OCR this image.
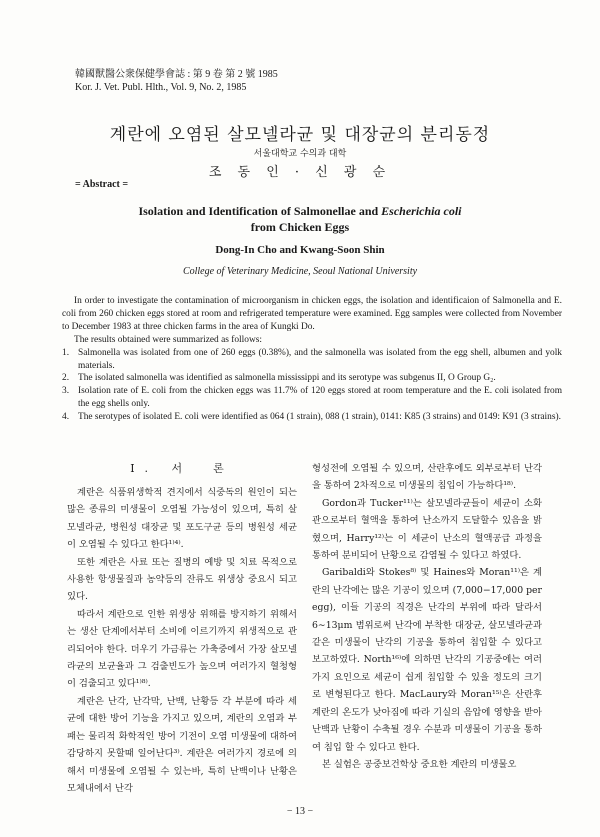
韓國獸醫公衆保健學會誌 : 第 9 卷 第 2 號 1985
Kor. J. Vet. Publ. Hlth., Vol. 9, No. 2, 1985
계란에 오염된 살모넬라균 및 대장균의 분리동정
서울대학교 수의과 대학
조 동 인 · 신 광 순
= Abstract =
Isolation and Identification of Salmonellae and Escherichia coli
from Chicken Eggs
Dong-In Cho and Kwang-Soon Shin
College of Veterinary Medicine, Seoul National University

In order to investigate the contamination of microorganism in chicken eggs, the isolation and identificaion of Salmonella and E. coli from 260 chicken eggs stored at room and refrigerated temperature were examined. Egg samples were collected from November to December 1983 at three chicken farms in the area of Kungki Do.

The results obtained were summarized as follows:

1. Salmonella was isolated from one of 260 eggs (0.38%), and the salmonella was isolated from the egg shell, albumen and yolk materials.
2. The isolated salmonella was identified as salmonella mississippi and its serotype was subgenus II, O Group G₂.
3. Isolation rate of E. coli from the chicken eggs was 11.7% of 120 eggs stored at room temperature and the E. coli isolated from the egg shells only.
4. The serotypes of isolated E. coli were identified as 064 (1 strain), 088 (1 strain), 0141: K85 (3 strains) and 0149: K91 (3 strains).
Ⅰ. 서　론

계란은 식품위생학적 견지에서 식중독의 원인이 되는 많은 종류의 미생물이 오염될 가능성이 있으며, 특히 살모넬라균, 병원성 대장균 및 포도구균 등의 병원성 세균이 오염될 수 있다고 한다¹⁾⁴⁾.

또한 계란은 사료 또는 질병의 예방 및 치료 목적으로 사용한 항생물질과 농약등의 잔류도 위생상 중요시 되고 있다.

따라서 계란으로 인한 위생상 위해를 방지하기 위해서는 생산 단계에서부터 소비에 이르기까지 위생적으로 관리되어야 한다. 더우기 가금류는 가축중에서 가장 살모넬라균의 보균율과 그 검출빈도가 높으며 여러가지 혈청형이 검출되고 있다¹⁾⁸⁾.

계란은 난각, 난각막, 난백, 난황등 각 부분에 따라 세균에 대한 방어 기능을 가지고 있으며, 계란의 오염과 부패는 물리적 화학적인 방어 기전이 오염 미생물에 대하여 감당하지 못할때 일어난다³⁾. 계란은 여러가지 경로에 의해서 미생물에 오염될 수 있는바, 특히 난백이나 난황은 모체내에서 난각

형성전에 오염될 수 있으며, 산란후에도 외부로부터 난각을 통하여 2차적으로 미생물의 침입이 가능하다¹⁸⁾.

Gordon과 Tucker¹¹⁾는 살모넬라균들이 세균이 소화관으로부터 혈액을 통하여 난소까지 도달할수 있음을 밝혔으며, Harry¹²⁾는 이 세균이 난소의 혈액공급 과정을 통하여 분비되어 난황으로 감염될 수 있다고 하였다.

Garibaldi와 Stokes⁸⁾ 및 Haines와 Moran¹¹⁾은 계란의 난각에는 많은 기공이 있으며 (7,000−17,000 per egg), 이들 기공의 직경은 난각의 부위에 따라 달라서 6∼13μm 범위로써 난각에 부착한 대장균, 살모넬라균과 같은 미생물이 난각의 기공을 통하여 침입할 수 있다고 보고하였다. North¹⁶⁾에 의하면 난각의 기공중에는 여러가지 요인으로 세균이 쉽게 침입할 수 있을 정도의 크기로 변형된다고 한다. MacLaury와 Moran¹⁵⁾은 산란후 계란의 온도가 낮아짐에 따라 기실의 음압에 영향을 받아 난백과 난황이 수축될 경우 수분과 미생물이 기공을 통하여 침입 할 수 있다고 한다.

본 실험은 공중보건학상 중요한 계란의 미생물오

− 13 −
